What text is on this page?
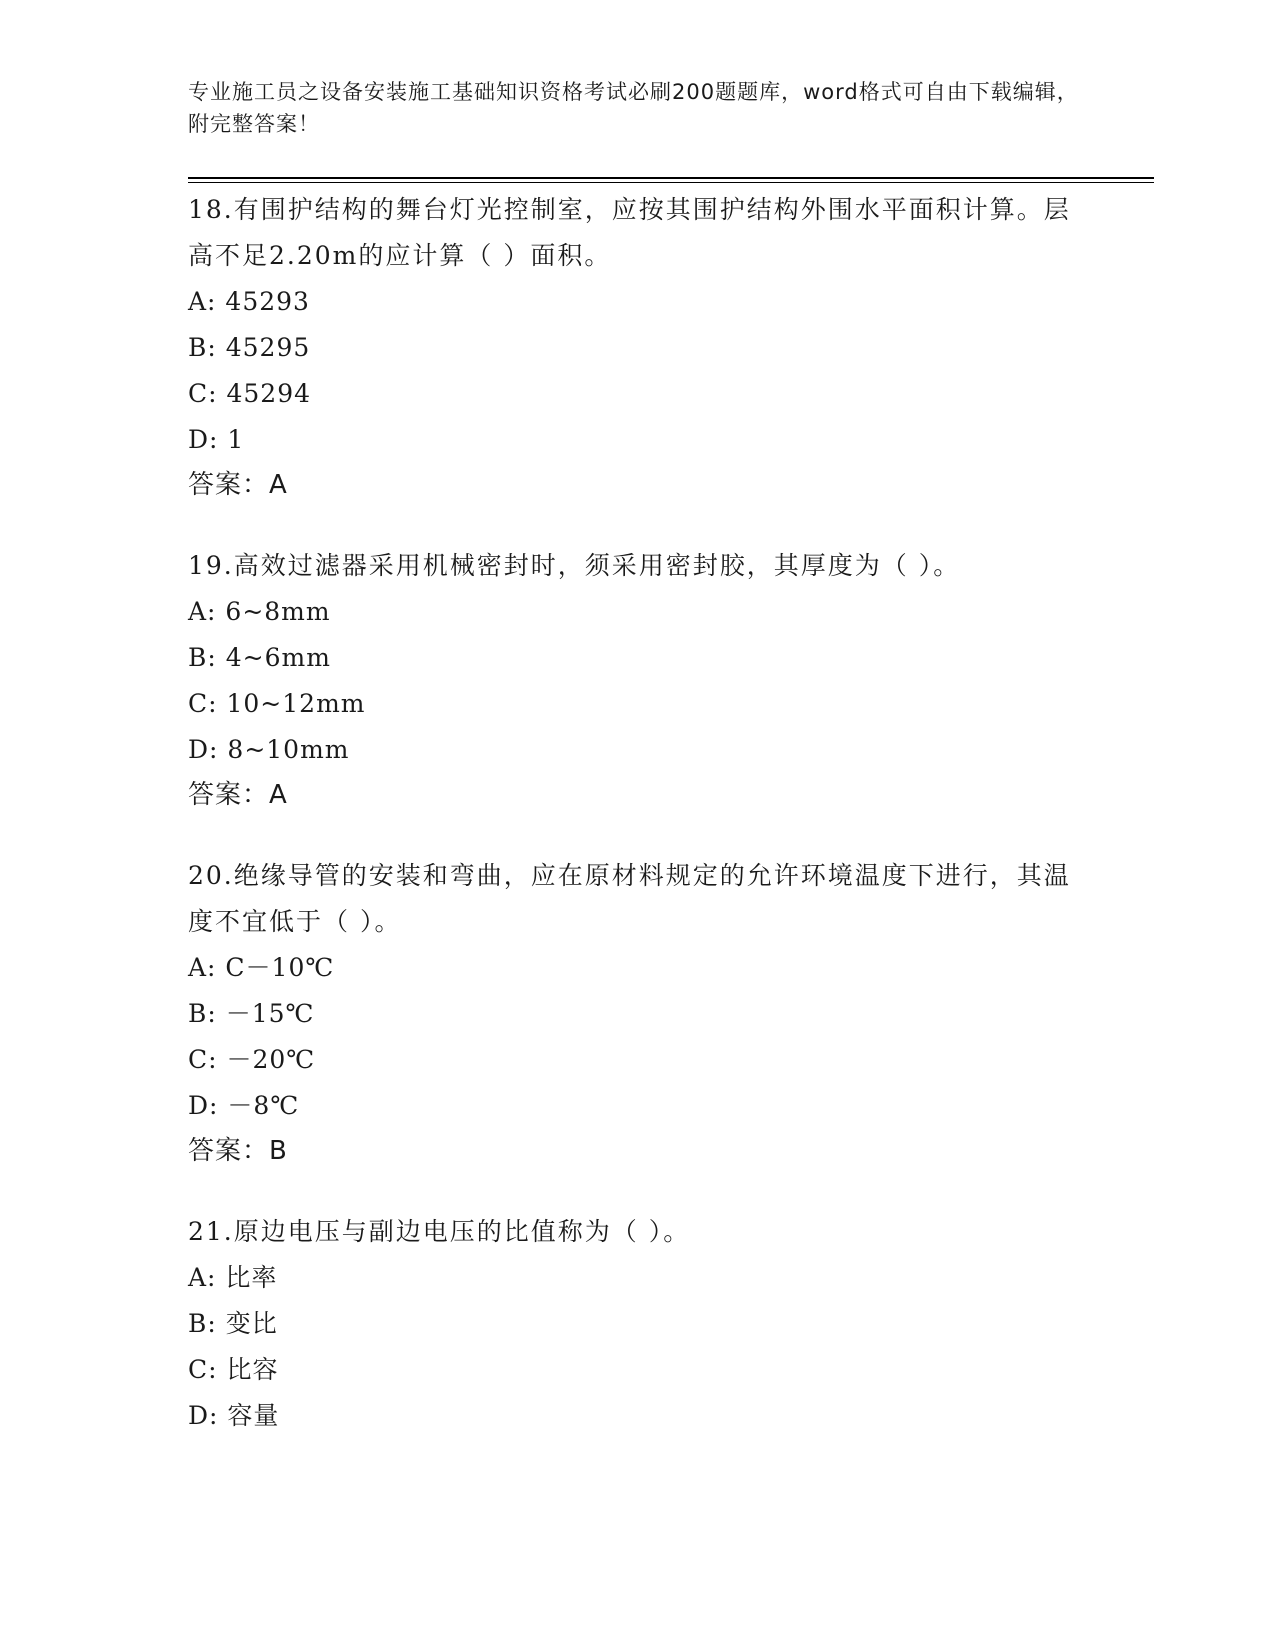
专业施工员之设备安装施工基础知识资格考试必刷200题题库，word格式可自由下载编辑，附完整答案！
18.有围护结构的舞台灯光控制室，应按其围护结构外围水平面积计算。层高不足2.20m的应计算（ ）面积。
A: 45293
B: 45295
C: 45294
D: 1
答案：A
19.高效过滤器采用机械密封时，须采用密封胶，其厚度为（ ）。
A: 6~8mm
B: 4~6mm
C: 10~12mm
D: 8~10mm
答案：A
20.绝缘导管的安装和弯曲，应在原材料规定的允许环境温度下进行，其温度不宜低于（ ）。
A: C－10℃
B: －15℃
C: －20℃
D: －8℃
答案：B
21.原边电压与副边电压的比值称为（ ）。
A: 比率
B: 变比
C: 比容
D: 容量
